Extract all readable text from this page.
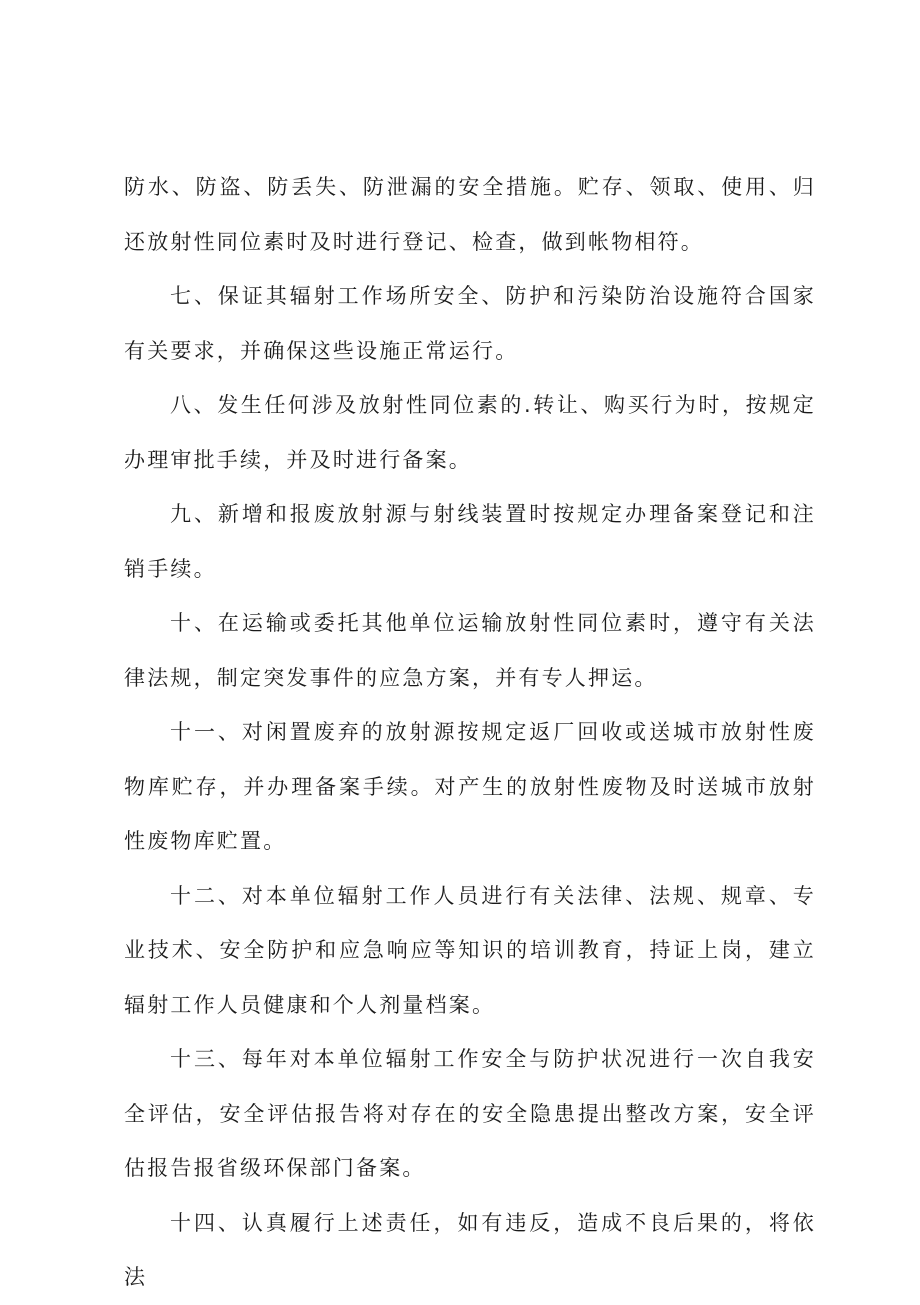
防水、防盗、防丢失、防泄漏的安全措施。贮存、领取、使用、归还放射性同位素时及时进行登记、检查，做到帐物相符。

七、保证其辐射工作场所安全、防护和污染防治设施符合国家有关要求，并确保这些设施正常运行。

八、发生任何涉及放射性同位素的.转让、购买行为时，按规定办理审批手续，并及时进行备案。

九、新增和报废放射源与射线装置时按规定办理备案登记和注销手续。

十、在运输或委托其他单位运输放射性同位素时，遵守有关法律法规，制定突发事件的应急方案，并有专人押运。

十一、对闲置废弃的放射源按规定返厂回收或送城市放射性废物库贮存，并办理备案手续。对产生的放射性废物及时送城市放射性废物库贮置。

十二、对本单位辐射工作人员进行有关法律、法规、规章、专业技术、安全防护和应急响应等知识的培训教育，持证上岗，建立辐射工作人员健康和个人剂量档案。

十三、每年对本单位辐射工作安全与防护状况进行一次自我安全评估，安全评估报告将对存在的安全隐患提出整改方案，安全评估报告报省级环保部门备案。

十四、认真履行上述责任，如有违反，造成不良后果的，将依法
